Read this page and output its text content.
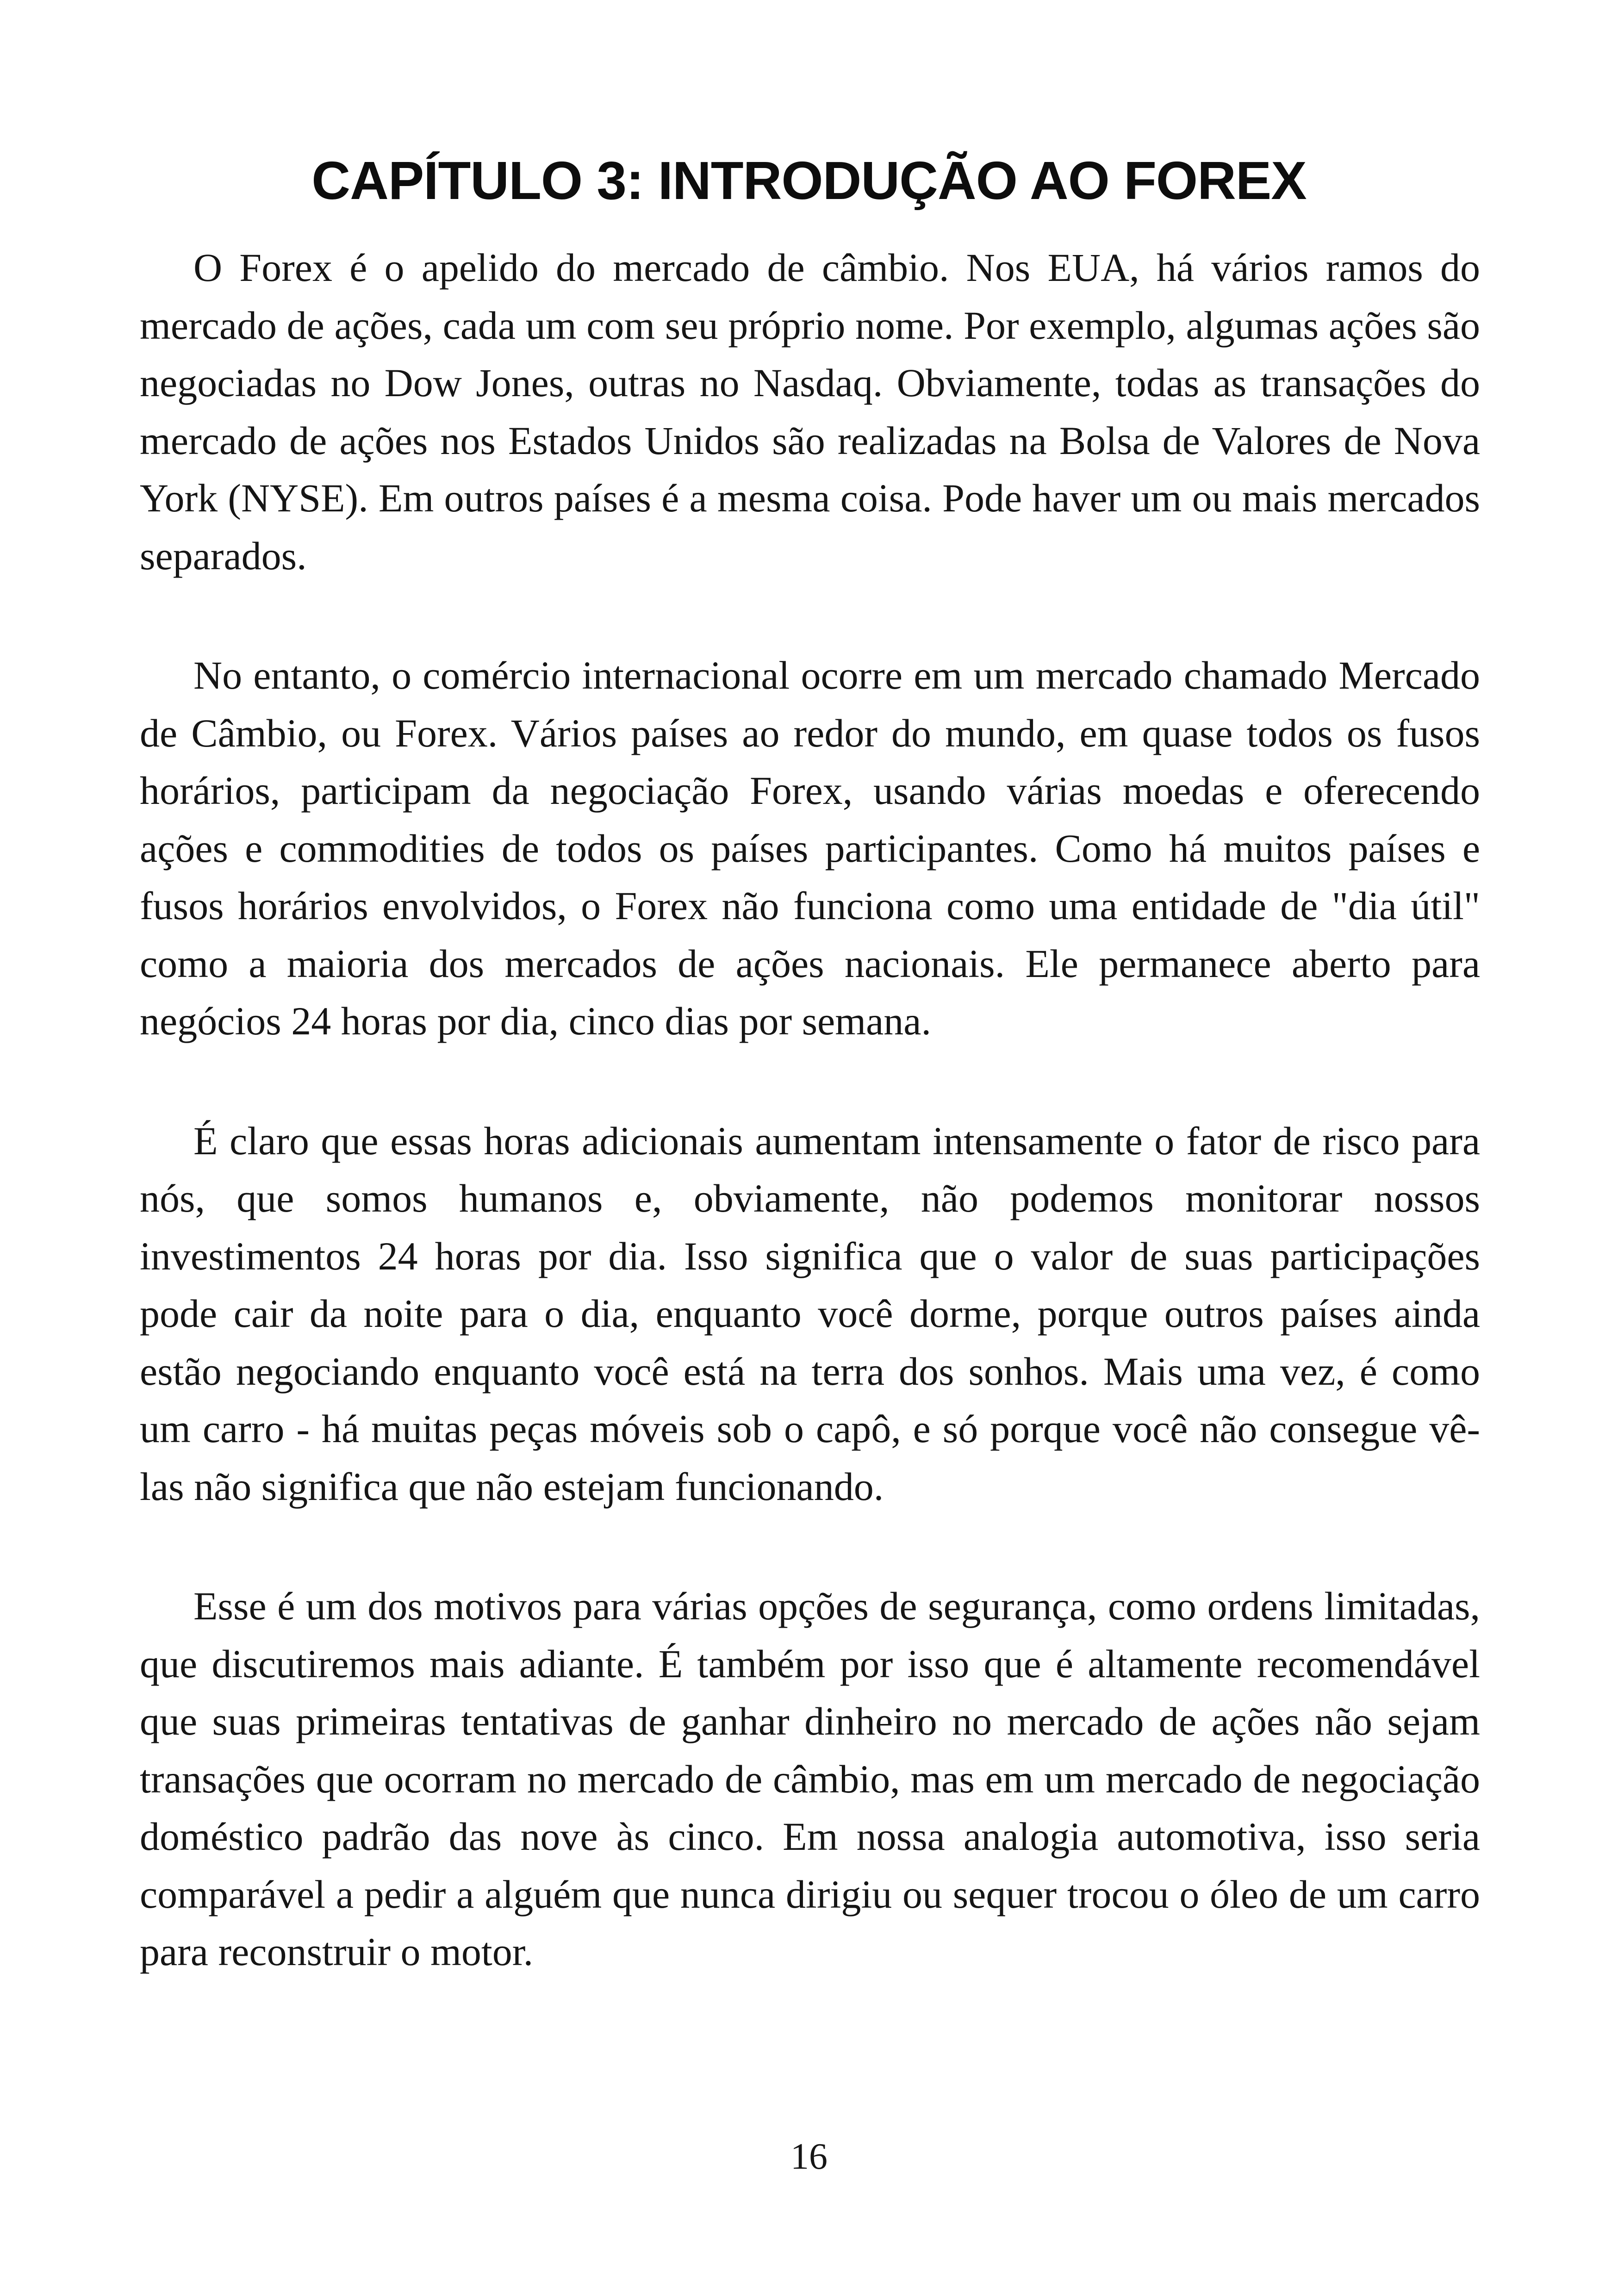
CAPÍTULO 3: INTRODUÇÃO AO FOREX

O Forex é o apelido do mercado de câmbio. Nos EUA, há vários ramos do mercado de ações, cada um com seu próprio nome. Por exemplo, algumas ações são negociadas no Dow Jones, outras no Nasdaq. Obviamente, todas as transações do mercado de ações nos Estados Unidos são realizadas na Bolsa de Valores de Nova York (NYSE). Em outros países é a mesma coisa. Pode haver um ou mais mercados separados.

No entanto, o comércio internacional ocorre em um mercado chamado Mercado de Câmbio, ou Forex. Vários países ao redor do mundo, em quase todos os fusos horários, participam da negociação Forex, usando várias moedas e oferecendo ações e commodities de todos os países participantes. Como há muitos países e fusos horários envolvidos, o Forex não funciona como uma entidade de "dia útil" como a maioria dos mercados de ações nacionais. Ele permanece aberto para negócios 24 horas por dia, cinco dias por semana.

É claro que essas horas adicionais aumentam intensamente o fator de risco para nós, que somos humanos e, obviamente, não podemos monitorar nossos investimentos 24 horas por dia. Isso significa que o valor de suas participações pode cair da noite para o dia, enquanto você dorme, porque outros países ainda estão negociando enquanto você está na terra dos sonhos. Mais uma vez, é como um carro - há muitas peças móveis sob o capô, e só porque você não consegue vê-las não significa que não estejam funcionando.

Esse é um dos motivos para várias opções de segurança, como ordens limitadas, que discutiremos mais adiante. É também por isso que é altamente recomendável que suas primeiras tentativas de ganhar dinheiro no mercado de ações não sejam transações que ocorram no mercado de câmbio, mas em um mercado de negociação doméstico padrão das nove às cinco. Em nossa analogia automotiva, isso seria comparável a pedir a alguém que nunca dirigiu ou sequer trocou o óleo de um carro para reconstruir o motor.

16
